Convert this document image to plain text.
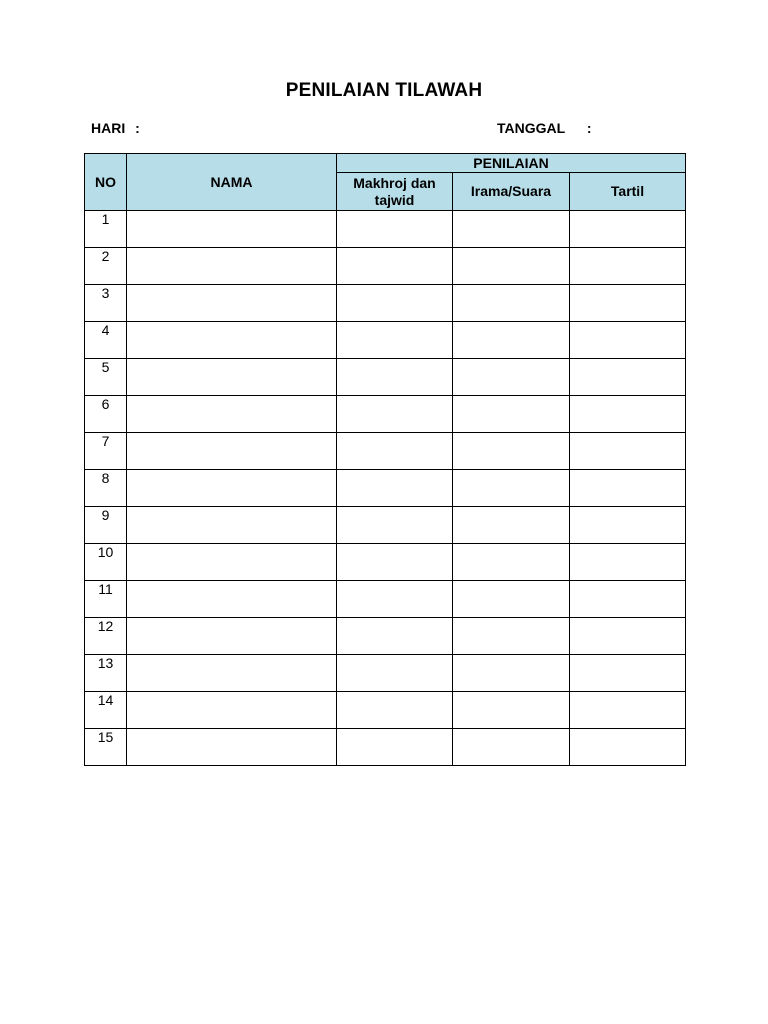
PENILAIAN TILAWAH
HARI :	TANGGAL :
NO	NAMA	PENILAIAN		
		Makhroj dan tajwid	Irama/Suara	Tartil
1				
2				
3				
4				
5				
6				
7				
8				
9				
10				
11				
12				
13				
14				
15				
